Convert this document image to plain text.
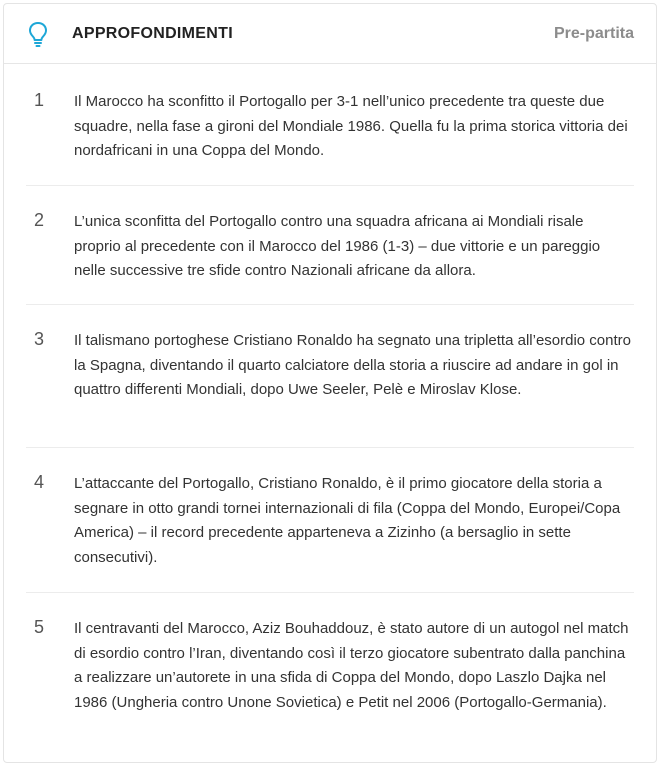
APPROFONDIMENTI	Pre-partita
1	Il Marocco ha sconfitto il Portogallo per 3-1 nell’unico precedente tra queste due squadre, nella fase a gironi del Mondiale 1986. Quella fu la prima storica vittoria dei nordafricani in una Coppa del Mondo.
2	L’unica sconfitta del Portogallo contro una squadra africana ai Mondiali risale proprio al precedente con il Marocco del 1986 (1-3) – due vittorie e un pareggio nelle successive tre sfide contro Nazionali africane da allora.
3	Il talismano portoghese Cristiano Ronaldo ha segnato una tripletta all’esordio contro la Spagna, diventando il quarto calciatore della storia a riuscire ad andare in gol in quattro differenti Mondiali, dopo Uwe Seeler, Pelè e Miroslav Klose.
4	L’attaccante del Portogallo, Cristiano Ronaldo, è il primo giocatore della storia a segnare in otto grandi tornei internazionali di fila (Coppa del Mondo, Europei/Copa America) – il record precedente apparteneva a Zizinho (a bersaglio in sette consecutivi).
5	Il centravanti del Marocco, Aziz Bouhaddouz, è stato autore di un autogol nel match di esordio contro l’Iran, diventando così il terzo giocatore subentrato dalla panchina a realizzare un’autorete in una sfida di Coppa del Mondo, dopo Laszlo Dajka nel 1986 (Ungheria contro Unone Sovietica) e Petit nel 2006 (Portogallo-Germania).
